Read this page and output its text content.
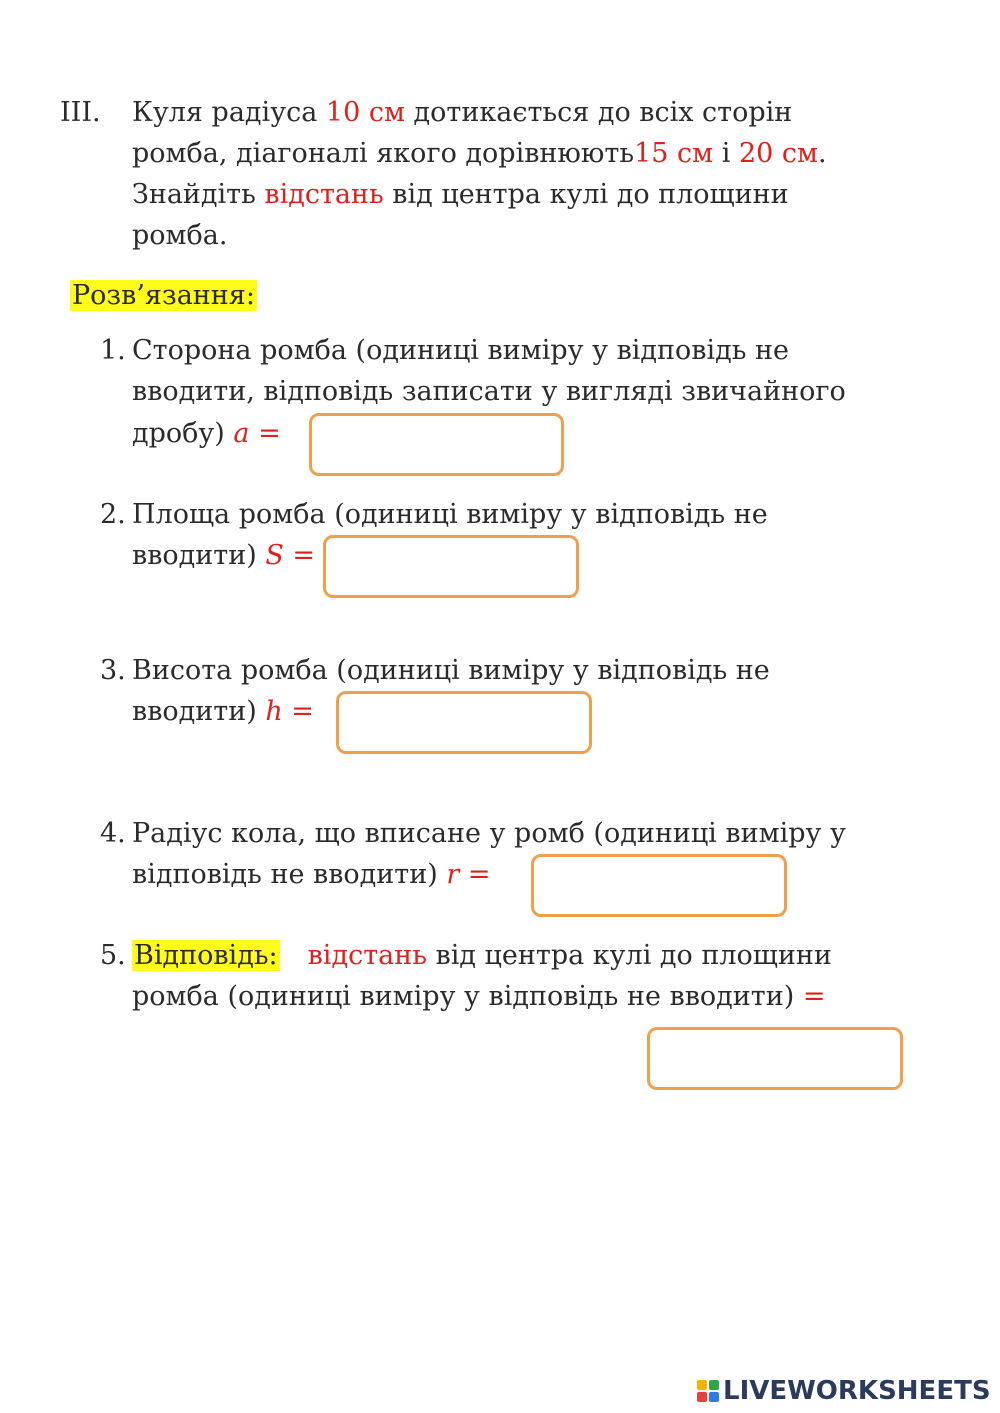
III. Куля радіуса 10 см дотикається до всіх сторін
ромба, діагоналі якого дорівнюють15 см і 20 см.
Знайдіть відстань від центра кулі до площини
ромба.
Розв’язання:
1. Сторона ромба (одиниці виміру у відповідь не
вводити, відповідь записати у вигляді звичайного
дробу) a =
2. Площа ромба (одиниці виміру у відповідь не
вводити) S =
3. Висота ромба (одиниці виміру у відповідь не
вводити) h =
4. Радіус кола, що вписане у ромб (одиниці виміру у
відповідь не вводити) r =
5. Відповідь: відстань від центра кулі до площини
ромба (одиниці виміру у відповідь не вводити) =
LIVEWORKSHEETS
